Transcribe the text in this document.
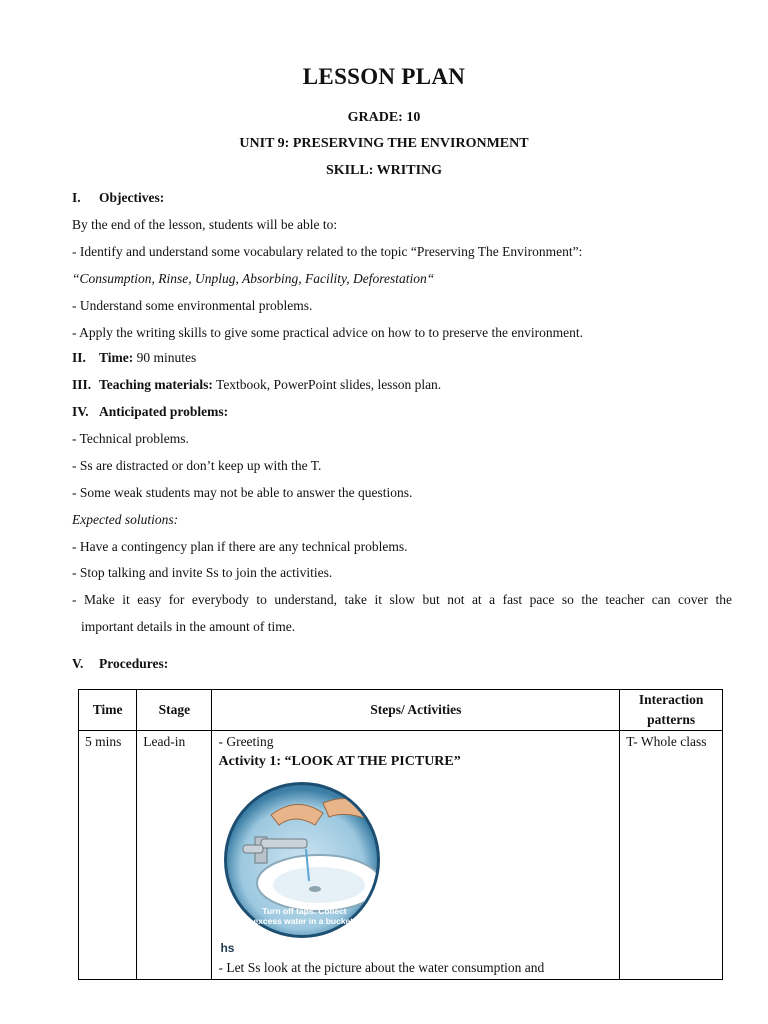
LESSON PLAN
GRADE: 10
UNIT 9: PRESERVING THE ENVIRONMENT
SKILL: WRITING
I. Objectives:
By the end of the lesson, students will be able to:
- Identify and understand some vocabulary related to the topic “Preserving The Environment”:
“Consumption, Rinse, Unplug, Absorbing, Facility, Deforestation“
- Understand some environmental problems.
- Apply the writing skills to give some practical advice on how to to preserve the environment.
II. Time: 90 minutes
III. Teaching materials: Textbook, PowerPoint slides, lesson plan.
IV. Anticipated problems:
- Technical problems.
- Ss are distracted or don’t keep up with the T.
- Some weak students may not be able to answer the questions.
Expected solutions:
- Have a contingency plan if there are any technical problems.
- Stop talking and invite Ss to join the activities.
- Make it easy for everybody to understand, take it slow but not at a fast pace so the teacher can cover the
important details in the amount of time.
V. Procedures:
Time	Stage	Steps/ Activities	Interaction patterns
5 mins	Lead-in	- Greeting
Activity 1: “LOOK AT THE PICTURE”
Turn off taps. Collect excess water in a bucket.
hs
- Let Ss look at the picture about the water consumption and	T- Whole class
